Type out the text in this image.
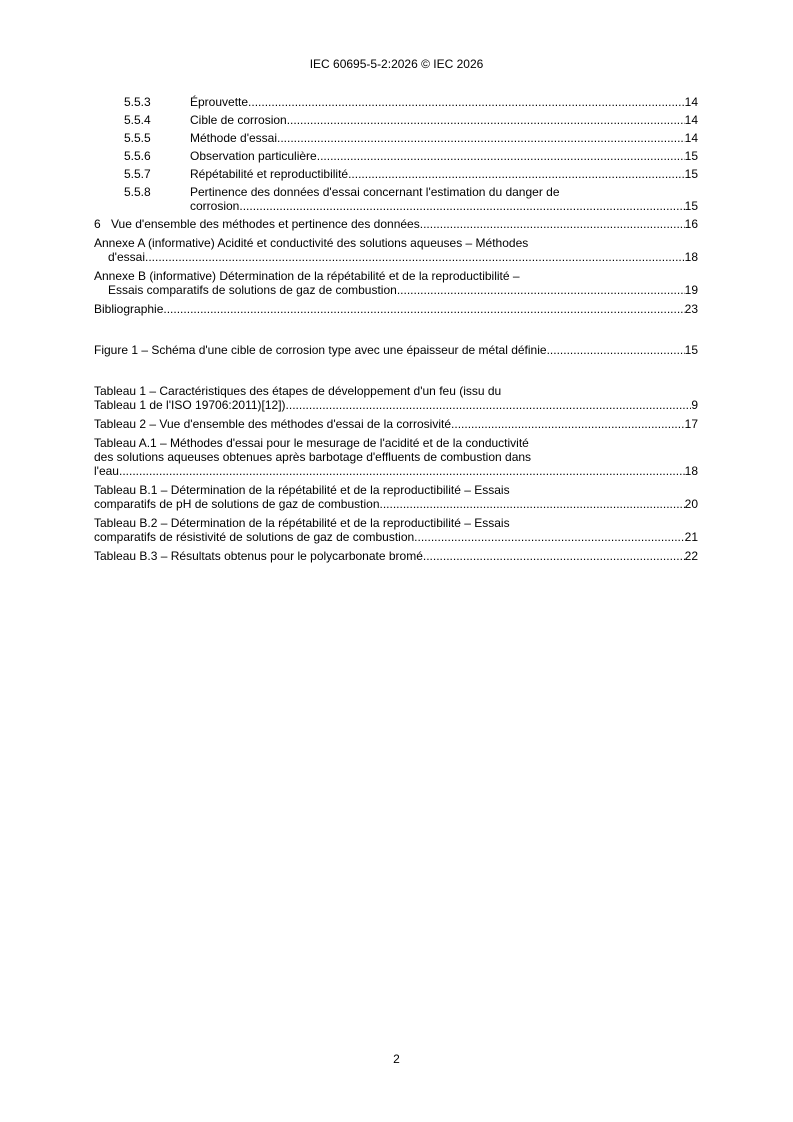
IEC 60695-5-2:2026 © IEC 2026
5.5.3	Éprouvette .....	14
5.5.4	Cible de corrosion .....	14
5.5.5	Méthode d'essai .....	14
5.5.6	Observation particulière .....	15
5.5.7	Répétabilité et reproductibilité .....	15
5.5.8	Pertinence des données d'essai concernant l'estimation du danger de
corrosion .....	15
6 Vue d'ensemble des méthodes et pertinence des données .....	16
Annexe A (informative) Acidité et conductivité des solutions aqueuses – Méthodes
d'essai .....	18
Annexe B (informative) Détermination de la répétabilité et de la reproductibilité –
Essais comparatifs de solutions de gaz de combustion .....	19
Bibliographie .....	23
Figure 1 – Schéma d'une cible de corrosion type avec une épaisseur de métal définie .....	15
Tableau 1 – Caractéristiques des étapes de développement d'un feu (issu du
Tableau 1 de l'ISO 19706:2011)[12]) .....	9
Tableau 2 – Vue d'ensemble des méthodes d'essai de la corrosivité .....	17
Tableau A.1 – Méthodes d'essai pour le mesurage de l'acidité et de la conductivité
des solutions aqueuses obtenues après barbotage d'effluents de combustion dans
l'eau .....	18
Tableau B.1 – Détermination de la répétabilité et de la reproductibilité – Essais
comparatifs de pH de solutions de gaz de combustion .....	20
Tableau B.2 – Détermination de la répétabilité et de la reproductibilité – Essais
comparatifs de résistivité de solutions de gaz de combustion .....	21
Tableau B.3 – Résultats obtenus pour le polycarbonate bromé .....	22
2
